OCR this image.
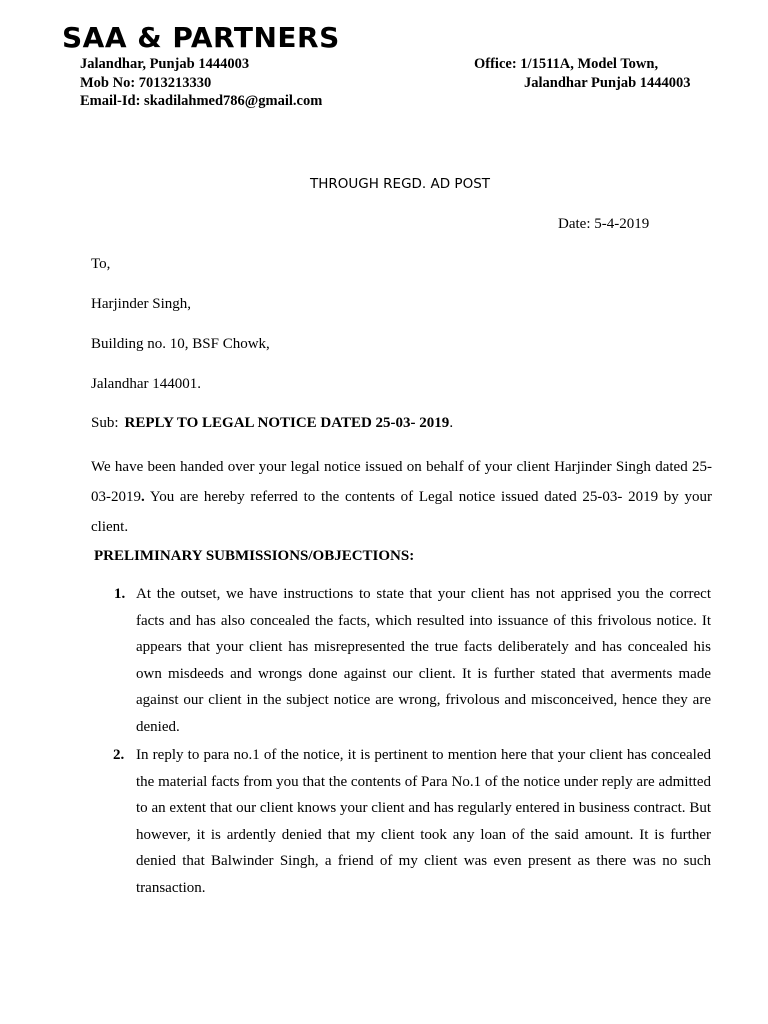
SAA & PARTNERS
Jalandhar, Punjab 1444003
Mob No: 7013213330
Email-Id: skadilahmed786@gmail.com
Office: 1/1511A, Model Town,
Jalandhar Punjab 1444003
THROUGH REGD. AD POST
Date: 5-4-2019
To,
Harjinder Singh,
Building no. 10, BSF Chowk,
Jalandhar 144001.
Sub: REPLY TO LEGAL NOTICE DATED 25-03- 2019.

We have been handed over your legal notice issued on behalf of your client Harjinder Singh dated 25-03-2019. You are hereby referred to the contents of Legal notice issued dated 25-03- 2019 by your client.

PRELIMINARY SUBMISSIONS/OBJECTIONS:

1. At the outset, we have instructions to state that your client has not apprised you the correct facts and has also concealed the facts, which resulted into issuance of this frivolous notice. It appears that your client has misrepresented the true facts deliberately and has concealed his own misdeeds and wrongs done against our client. It is further stated that averments made against our client in the subject notice are wrong, frivolous and misconceived, hence they are denied.

2. In reply to para no.1 of the notice, it is pertinent to mention here that your client has concealed the material facts from you that the contents of Para No.1 of the notice under reply are admitted to an extent that our client knows your client and has regularly entered in business contract. But however, it is ardently denied that my client took any loan of the said amount. It is further denied that Balwinder Singh, a friend of my client was even present as there was no such transaction.
